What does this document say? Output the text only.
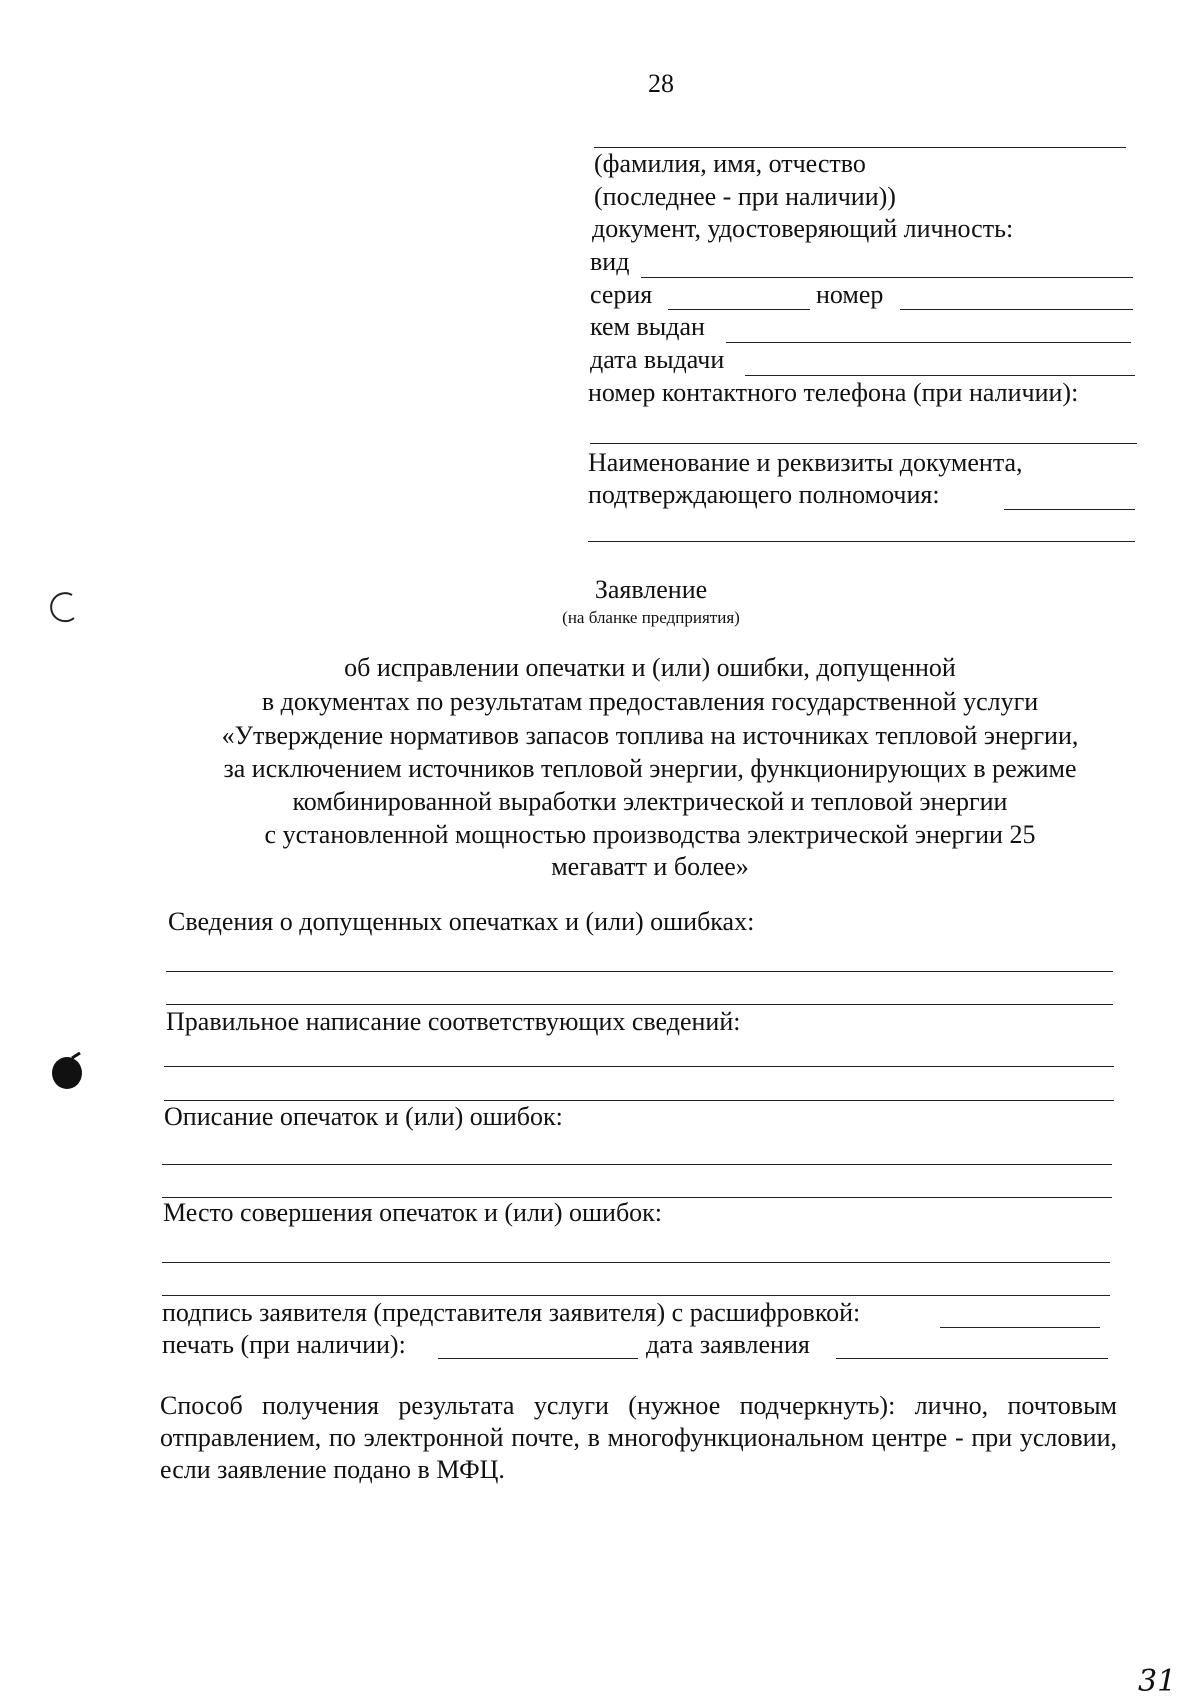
28
(фамилия, имя, отчество
(последнее - при наличии))
документ, удостоверяющий личность:
вид
серия	номер
кем выдан
дата выдачи
номер контактного телефона (при наличии):
Наименование и реквизиты документа,
подтверждающего полномочия:
Заявление
(на бланке предприятия)
об исправлении опечатки и (или) ошибки, допущенной
в документах по результатам предоставления государственной услуги
«Утверждение нормативов запасов топлива на источниках тепловой энергии,
за исключением источников тепловой энергии, функционирующих в режиме
комбинированной выработки электрической и тепловой энергии
с установленной мощностью производства электрической энергии 25
мегаватт и более»
Сведения о допущенных опечатках и (или) ошибках:
Правильное написание соответствующих сведений:
Описание опечаток и (или) ошибок:
Место совершения опечаток и (или) ошибок:
подпись заявителя (представителя заявителя) с расшифровкой:
печать (при наличии):	дата заявления
Способ получения результата услуги (нужное подчеркнуть): лично, почтовым отправлением, по электронной почте, в многофункциональном центре - при условии, если заявление подано в МФЦ.
31
